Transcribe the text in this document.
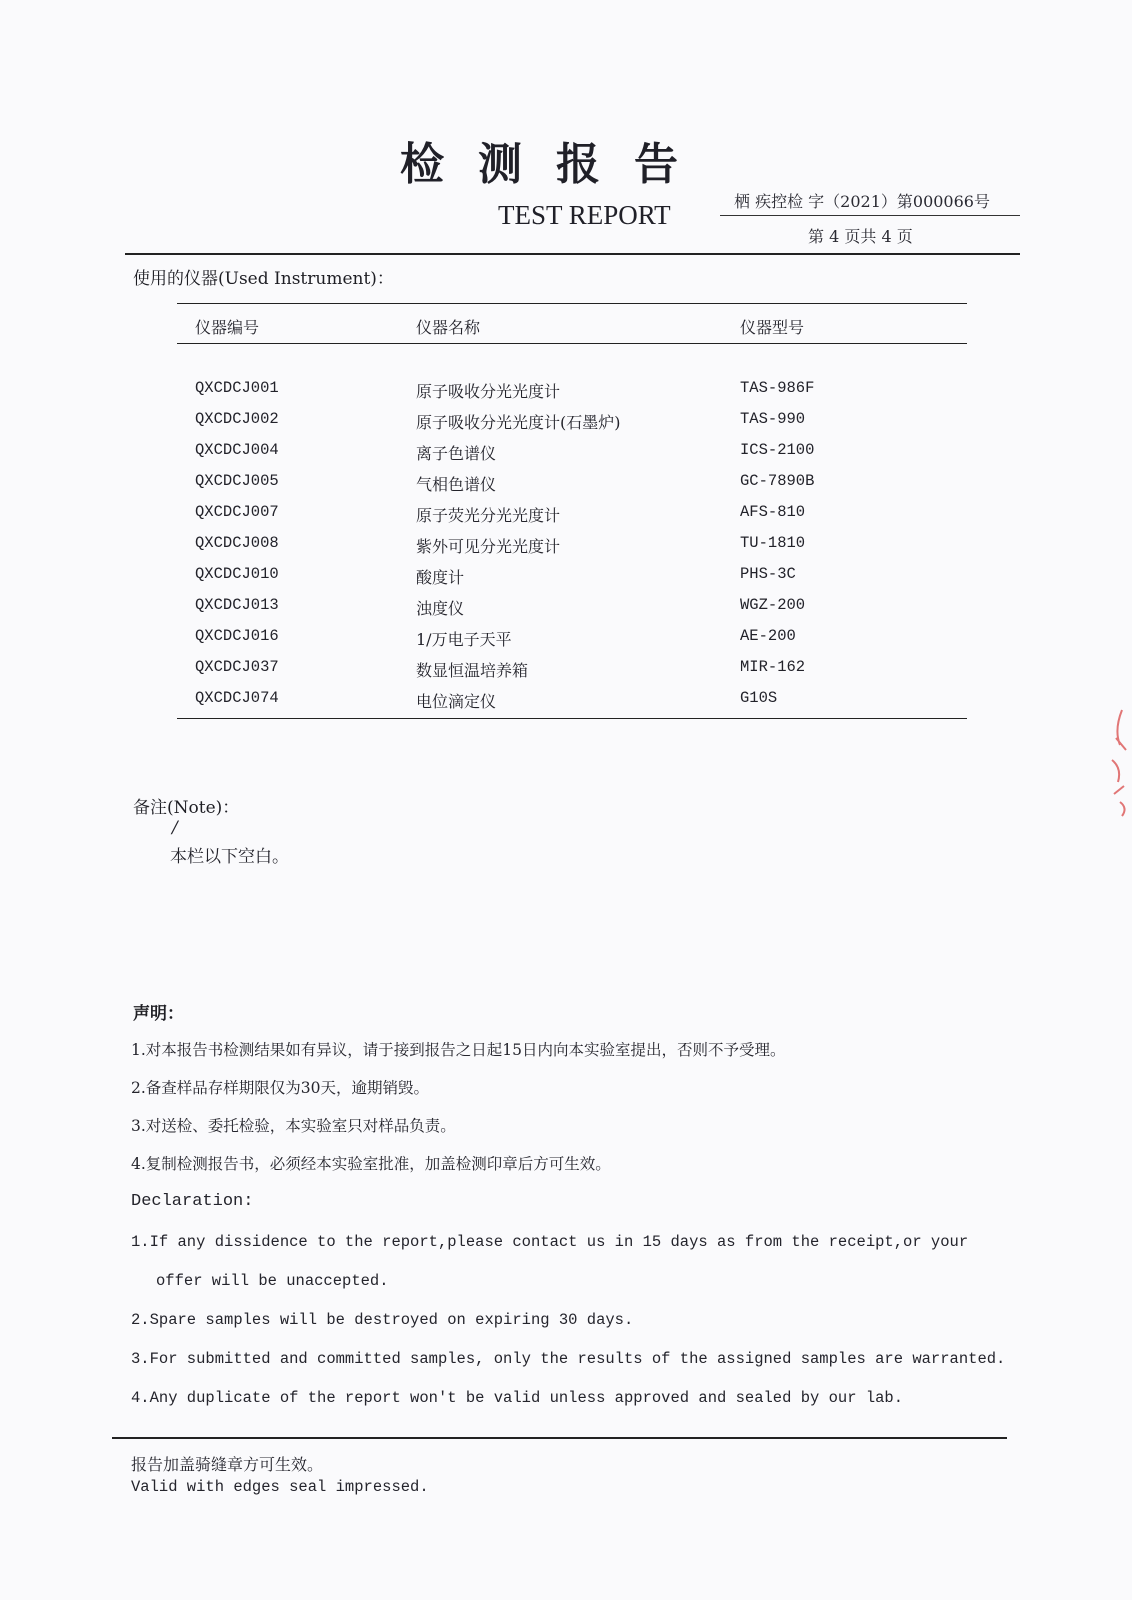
检测报告
TEST REPORT	栖 疾控检 字（2021）第000066号
第 4 页共 4 页
使用的仪器(Used Instrument)：
仪器编号	仪器名称	仪器型号
QXCDCJ001	原子吸收分光光度计	TAS-986F
QXCDCJ002	原子吸收分光光度计(石墨炉)	TAS-990
QXCDCJ004	离子色谱仪	ICS-2100
QXCDCJ005	气相色谱仪	GC-7890B
QXCDCJ007	原子荧光分光光度计	AFS-810
QXCDCJ008	紫外可见分光光度计	TU-1810
QXCDCJ010	酸度计	PHS-3C
QXCDCJ013	浊度仪	WGZ-200
QXCDCJ016	1/万电子天平	AE-200
QXCDCJ037	数显恒温培养箱	MIR-162
QXCDCJ074	电位滴定仪	G10S
备注(Note)：
/
本栏以下空白。
声明：
1.对本报告书检测结果如有异议，请于接到报告之日起15日内向本实验室提出，否则不予受理。
2.备查样品存样期限仅为30天，逾期销毁。
3.对送检、委托检验，本实验室只对样品负责。
4.复制检测报告书，必须经本实验室批准，加盖检测印章后方可生效。
Declaration:
1.If any dissidence to the report,please contact us in 15 days as from the receipt,or your
offer will be unaccepted.
2.Spare samples will be destroyed on expiring 30 days.
3.For submitted and committed samples, only the results of the assigned samples are warranted.
4.Any duplicate of the report won't be valid unless approved and sealed by our lab.
报告加盖骑缝章方可生效。
Valid with edges seal impressed.
